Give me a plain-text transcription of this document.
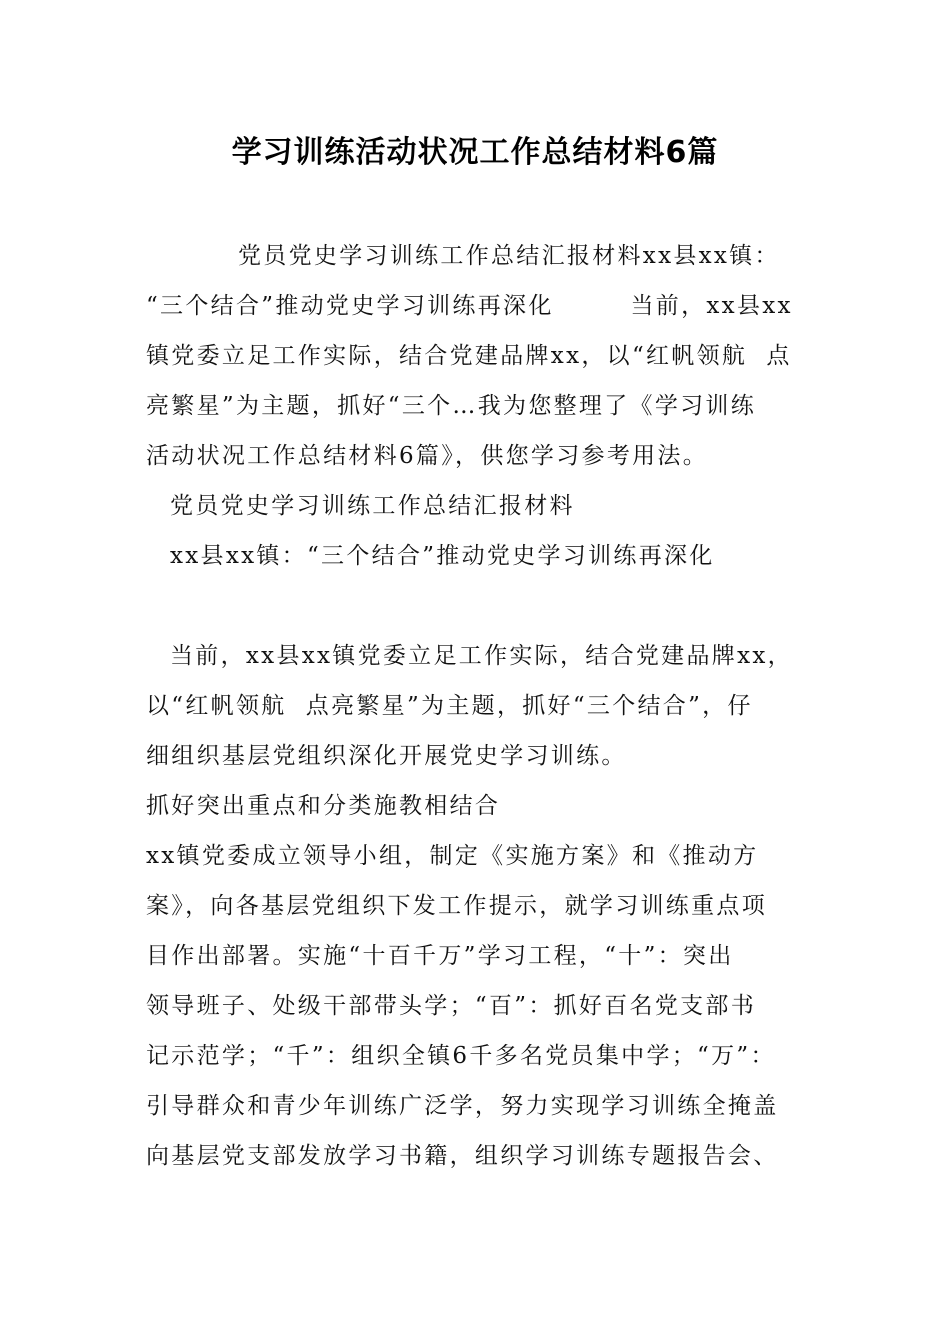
学习训练活动状况工作总结材料6篇
党员党史学习训练工作总结汇报材料xx县xx镇：
“三个结合”推动党史学习训练再深化        当前，xx县xx
镇党委立足工作实际，结合党建品牌xx，以“红帆领航  点
亮繁星”为主题，抓好“三个…我为您整理了《学习训练
活动状况工作总结材料6篇》，供您学习参考用法。
党员党史学习训练工作总结汇报材料
xx县xx镇：“三个结合”推动党史学习训练再深化
当前，xx县xx镇党委立足工作实际，结合党建品牌xx，
以“红帆领航  点亮繁星”为主题，抓好“三个结合”，仔
细组织基层党组织深化开展党史学习训练。
抓好突出重点和分类施教相结合
xx镇党委成立领导小组，制定《实施方案》和《推动方
案》，向各基层党组织下发工作提示，就学习训练重点项
目作出部署。实施“十百千万”学习工程，“十”：突出
领导班子、处级干部带头学；“百”：抓好百名党支部书
记示范学；“千”：组织全镇6千多名党员集中学；“万”：
引导群众和青少年训练广泛学，努力实现学习训练全掩盖
向基层党支部发放学习书籍，组织学习训练专题报告会、
